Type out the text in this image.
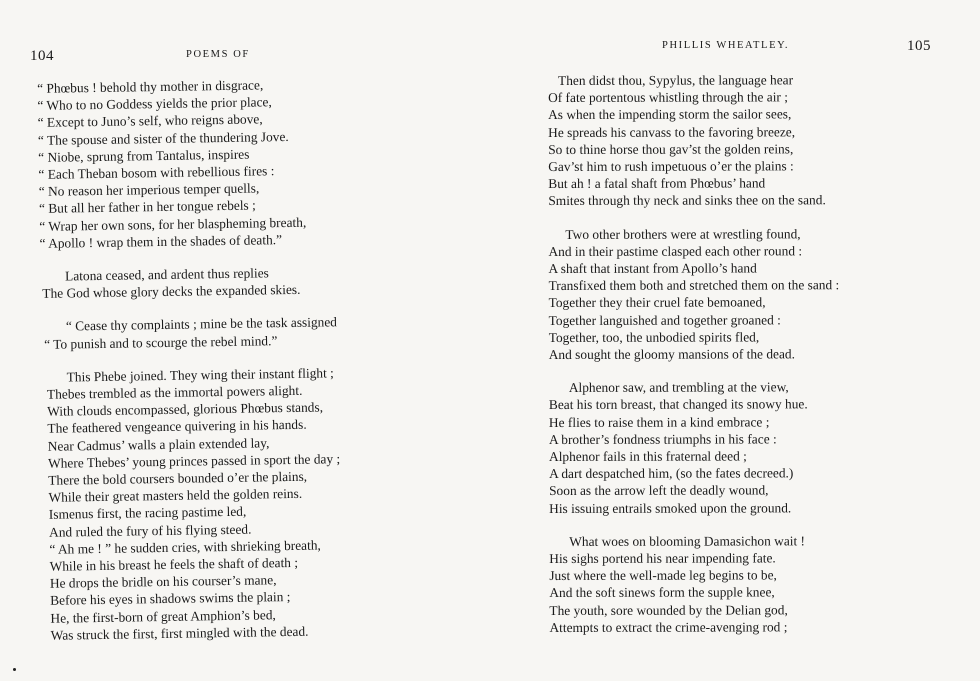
104	POEMS OF
“ Phœbus ! behold thy mother in disgrace,
“ Who to no Goddess yields the prior place,
“ Except to Juno’s self, who reigns above,
“ The spouse and sister of the thundering Jove.
“ Niobe, sprung from Tantalus, inspires
“ Each Theban bosom with rebellious fires :
“ No reason her imperious temper quells,
“ But all her father in her tongue rebels ;
“ Wrap her own sons, for her blaspheming breath,
“ Apollo ! wrap them in the shades of death.”
Latona ceased, and ardent thus replies
The God whose glory decks the expanded skies.
“ Cease thy complaints ; mine be the task assigned
“ To punish and to scourge the rebel mind.”
This Phebe joined. They wing their instant flight ;
Thebes trembled as the immortal powers alight.
With clouds encompassed, glorious Phœbus stands,
The feathered vengeance quivering in his hands.
Near Cadmus’ walls a plain extended lay,
Where Thebes’ young princes passed in sport the day ;
There the bold coursers bounded o’er the plains,
While their great masters held the golden reins.
Ismenus first, the racing pastime led,
And ruled the fury of his flying steed.
“ Ah me ! ” he sudden cries, with shrieking breath,
While in his breast he feels the shaft of death ;
He drops the bridle on his courser’s mane,
Before his eyes in shadows swims the plain ;
He, the first-born of great Amphion’s bed,
Was struck the first, first mingled with the dead.
105
PHILLIS WHEATLEY.
Then didst thou, Sypylus, the language hear
Of fate portentous whistling through the air ;
As when the impending storm the sailor sees,
He spreads his canvass to the favoring breeze,
So to thine horse thou gav’st the golden reins,
Gav’st him to rush impetuous o’er the plains :
But ah ! a fatal shaft from Phœbus’ hand
Smites through thy neck and sinks thee on the sand.
Two other brothers were at wrestling found,
And in their pastime clasped each other round :
A shaft that instant from Apollo’s hand
Transfixed them both and stretched them on the sand :
Together they their cruel fate bemoaned,
Together languished and together groaned :
Together, too, the unbodied spirits fled,
And sought the gloomy mansions of the dead.
Alphenor saw, and trembling at the view,
Beat his torn breast, that changed its snowy hue.
He flies to raise them in a kind embrace ;
A brother’s fondness triumphs in his face :
Alphenor fails in this fraternal deed ;
A dart despatched him, (so the fates decreed.)
Soon as the arrow left the deadly wound,
His issuing entrails smoked upon the ground.
What woes on blooming Damasichon wait !
His sighs portend his near impending fate.
Just where the well-made leg begins to be,
And the soft sinews form the supple knee,
The youth, sore wounded by the Delian god,
Attempts to extract the crime-avenging rod ;
